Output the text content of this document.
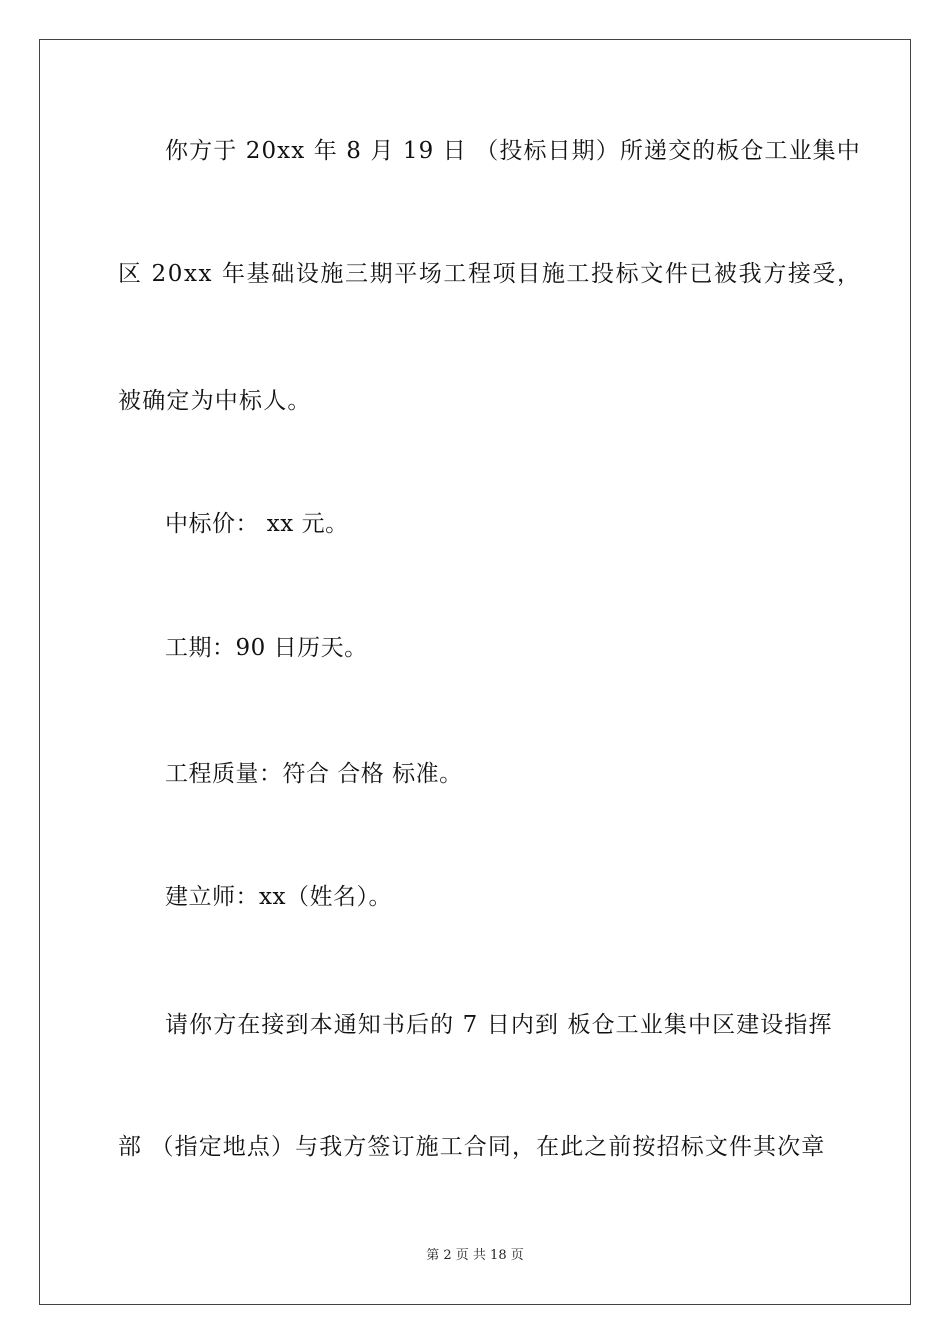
你方于 20xx 年 8 月 19 日 （投标日期）所递交的板仓工业集中
区 20xx 年基础设施三期平场工程项目施工投标文件已被我方接受，
被确定为中标人。
中标价： xx 元。
工期：90 日历天。
工程质量：符合 合格 标准。
建立师：xx（姓名）。
请你方在接到本通知书后的 7 日内到 板仓工业集中区建设指挥
部 （指定地点）与我方签订施工合同，在此之前按招标文件其次章
第 2 页 共 18 页
